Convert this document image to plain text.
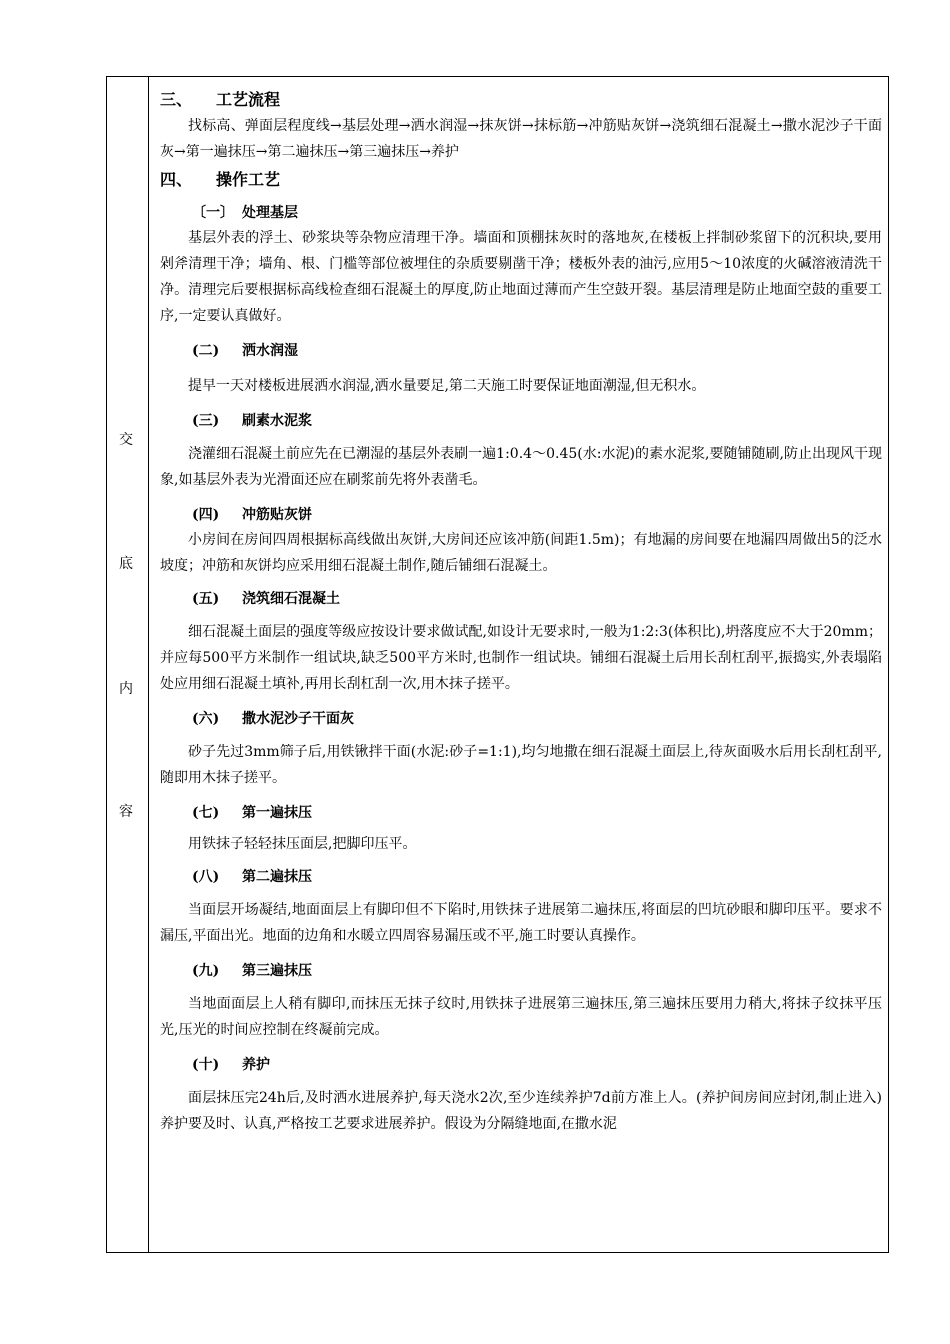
交
底
内
容
三、 工艺流程

找标高、弹面层程度线→基层处理→洒水润湿→抹灰饼→抹标筋→冲筋贴灰饼→浇筑细石混凝土→撒水泥沙子干面灰→第一遍抹压→第二遍抹压→第三遍抹压→养护

四、 操作工艺
〔一〕 处理基层

基层外表的浮土、砂浆块等杂物应清理干净。墙面和顶棚抹灰时的落地灰,在楼板上拌制砂浆留下的沉积块,要用剁斧清理干净；墙角、根、门槛等部位被埋住的杂质要剔凿干净；楼板外表的油污,应用5～10浓度的火碱溶液清洗干净。清理完后要根据标高线检查细石混凝土的厚度,防止地面过薄而产生空鼓开裂。基层清理是防止地面空鼓的重要工序,一定要认真做好。

(二) 洒水润湿

提早一天对楼板进展洒水润湿,洒水量要足,第二天施工时要保证地面潮湿,但无积水。

(三) 刷素水泥浆

浇灌细石混凝土前应先在已潮湿的基层外表刷一遍1:0.4～0.45(水:水泥)的素水泥浆,要随铺随刷,防止出现风干现象,如基层外表为光滑面还应在刷浆前先将外表凿毛。

(四) 冲筋贴灰饼

小房间在房间四周根据标高线做出灰饼,大房间还应该冲筋(间距1.5m)；有地漏的房间要在地漏四周做出5的泛水坡度；冲筋和灰饼均应采用细石混凝土制作,随后铺细石混凝土。

(五) 浇筑细石混凝土

细石混凝土面层的强度等级应按设计要求做试配,如设计无要求时,一般为1:2:3(体积比),坍落度应不大于20mm；并应每500平方米制作一组试块,缺乏500平方米时,也制作一组试块。铺细石混凝土后用长刮杠刮平,振捣实,外表塌陷处应用细石混凝土填补,再用长刮杠刮一次,用木抹子搓平。

(六) 撒水泥沙子干面灰

砂子先过3mm筛子后,用铁锹拌干面(水泥:砂子=1:1),均匀地撒在细石混凝土面层上,待灰面吸水后用长刮杠刮平,随即用木抹子搓平。

(七) 第一遍抹压

用铁抹子轻轻抹压面层,把脚印压平。

(八) 第二遍抹压

当面层开场凝结,地面面层上有脚印但不下陷时,用铁抹子进展第二遍抹压,将面层的凹坑砂眼和脚印压平。要求不漏压,平面出光。地面的边角和水暖立四周容易漏压或不平,施工时要认真操作。

(九) 第三遍抹压

当地面面层上人稍有脚印,而抹压无抹子纹时,用铁抹子进展第三遍抹压,第三遍抹压要用力稍大,将抹子纹抹平压光,压光的时间应控制在终凝前完成。

(十) 养护

面层抹压完24h后,及时洒水进展养护,每天浇水2次,至少连续养护7d前方准上人。(养护间房间应封闭,制止进入)养护要及时、认真,严格按工艺要求进展养护。假设为分隔缝地面,在撒水泥
